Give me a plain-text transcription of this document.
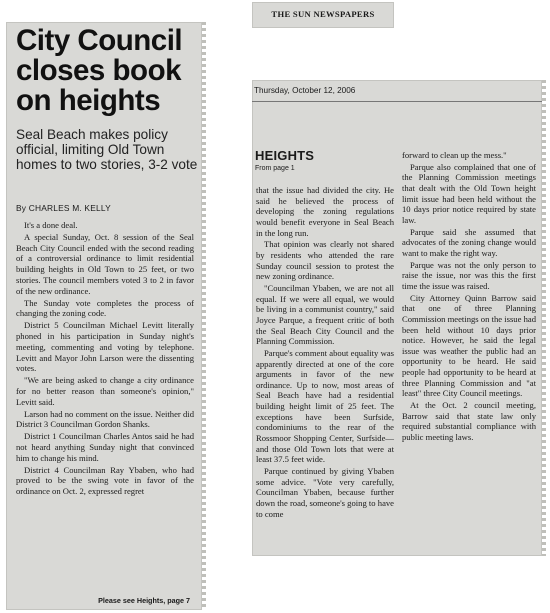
City Council
closes book
on heights
Seal Beach makes policy official, limiting Old Town homes to two stories, 3-2 vote
By CHARLES M. KELLY

It's a done deal.

A special Sunday, Oct. 8 session of the Seal Beach City Council ended with the second reading of a controversial ordinance to limit residential building heights in Old Town to 25 feet, or two stories. The council members voted 3 to 2 in favor of the new ordinance.

The Sunday vote completes the process of changing the zoning code.

District 5 Councilman Michael Levitt literally phoned in his participation in Sunday night's meeting, commenting and voting by telephone. Levitt and Mayor John Larson were the dissenting votes.

"We are being asked to change a city ordinance for no better reason than someone's opinion," Levitt said.

Larson had no comment on the issue. Neither did District 3 Councilman Gordon Shanks.

District 1 Councilman Charles Antos said he had not heard anything Sunday night that convinced him to change his mind.

District 4 Councilman Ray Ybaben, who had proved to be the swing vote in favor of the ordinance on Oct. 2, expressed regret

Please see Heights, page 7
THE SUN NEWSPAPERS
Thursday, October 12, 2006
HEIGHTS
From page 1

that the issue had divided the city. He said he believed the process of developing the zoning regulations would benefit everyone in Seal Beach in the long run.

That opinion was clearly not shared by residents who attended the rare Sunday council session to protest the new zoning ordinance.

"Councilman Ybaben, we are not all equal. If we were all equal, we would be living in a communist country," said Joyce Parque, a frequent critic of both the Seal Beach City Council and the Planning Commission.

Parque's comment about equality was apparently directed at one of the core arguments in favor of the new ordinance. Up to now, most areas of Seal Beach have had a residential building height limit of 25 feet. The exceptions have been Surfside, condominiums to the rear of the Rossmoor Shopping Center, Surfside—and those Old Town lots that were at least 37.5 feet wide.

Parque continued by giving Ybaben some advice. "Vote very carefully, Councilman Ybaben, because further down the road, someone's going to have to come

forward to clean up the mess."

Parque also complained that one of the Planning Commission meetings that dealt with the Old Town height limit issue had been held without the 10 days prior notice required by state law.

Parque said she assumed that advocates of the zoning change would want to make the right way.

Parque was not the only person to raise the issue, nor was this the first time the issue was raised.

City Attorney Quinn Barrow said that one of three Planning Commission meetings on the issue had been held without 10 days prior notice. However, he said the legal issue was weather the public had an opportunity to be heard. He said people had opportunity to be heard at three Planning Commission and "at least" three City Council meetings.

At the Oct. 2 council meeting, Barrow said that state law only required substantial compliance with public meeting laws.
